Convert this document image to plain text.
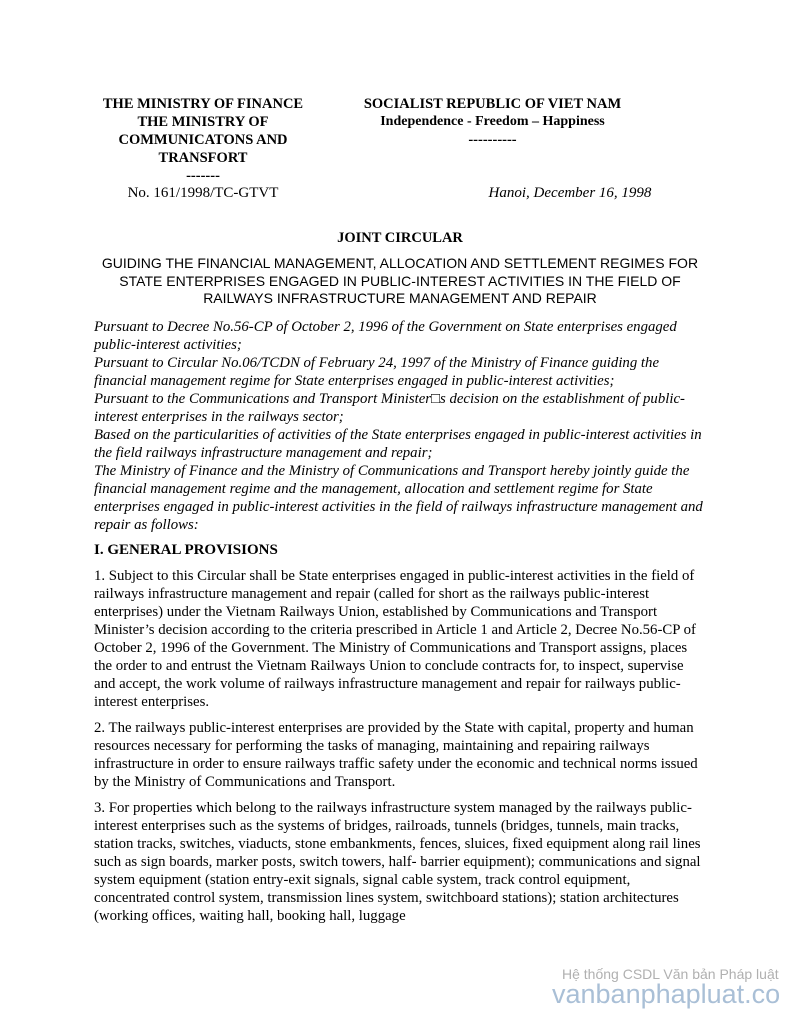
THE MINISTRY OF FINANCE
THE MINISTRY OF
COMMUNICATONS AND
TRANSFORT
-------
SOCIALIST REPUBLIC OF VIET NAM
Independence - Freedom – Happiness
----------
No. 161/1998/TC-GTVT	Hanoi, December 16, 1998
JOINT CIRCULAR
GUIDING THE FINANCIAL MANAGEMENT, ALLOCATION AND SETTLEMENT REGIMES FOR STATE ENTERPRISES ENGAGED IN PUBLIC-INTEREST ACTIVITIES IN THE FIELD OF RAILWAYS INFRASTRUCTURE MANAGEMENT AND REPAIR

Pursuant to Decree No.56-CP of October 2, 1996 of the Government on State enterprises engaged public-interest activities;

Pursuant to Circular No.06/TCDN of February 24, 1997 of the Ministry of Finance guiding the financial management regime for State enterprises engaged in public-interest activities;

Pursuant to the Communications and Transport Minister□s decision on the establishment of public- interest enterprises in the railways sector;

Based on the particularities of activities of the State enterprises engaged in public-interest activities in the field railways infrastructure management and repair;

The Ministry of Finance and the Ministry of Communications and Transport hereby jointly guide the financial management regime and the management, allocation and settlement regime for State enterprises engaged in public-interest activities in the field of railways infrastructure management and repair as follows:

I. GENERAL PROVISIONS

1. Subject to this Circular shall be State enterprises engaged in public-interest activities in the field of railways infrastructure management and repair (called for short as the railways public-interest enterprises) under the Vietnam Railways Union, established by Communications and Transport Minister’s decision according to the criteria prescribed in Article 1 and Article 2, Decree No.56-CP of October 2, 1996 of the Government. The Ministry of Communications and Transport assigns, places the order to and entrust the Vietnam Railways Union to conclude contracts for, to inspect, supervise and accept, the work volume of railways infrastructure management and repair for railways public-interest enterprises.

2. The railways public-interest enterprises are provided by the State with capital, property and human resources necessary for performing the tasks of managing, maintaining and repairing railways infrastructure in order to ensure railways traffic safety under the economic and technical norms issued by the Ministry of Communications and Transport.

3. For properties which belong to the railways infrastructure system managed by the railways public- interest enterprises such as the systems of bridges, railroads, tunnels (bridges, tunnels, main tracks, station tracks, switches, viaducts, stone embankments, fences, sluices, fixed equipment along rail lines such as sign boards, marker posts, switch towers, half- barrier equipment); communications and signal system equipment (station entry-exit signals, signal cable system, track control equipment, concentrated control system, transmission lines system, switchboard stations); station architectures (working offices, waiting hall, booking hall, luggage

Hệ thống CSDL Văn bản Pháp luật
vanbanphapluat.co
